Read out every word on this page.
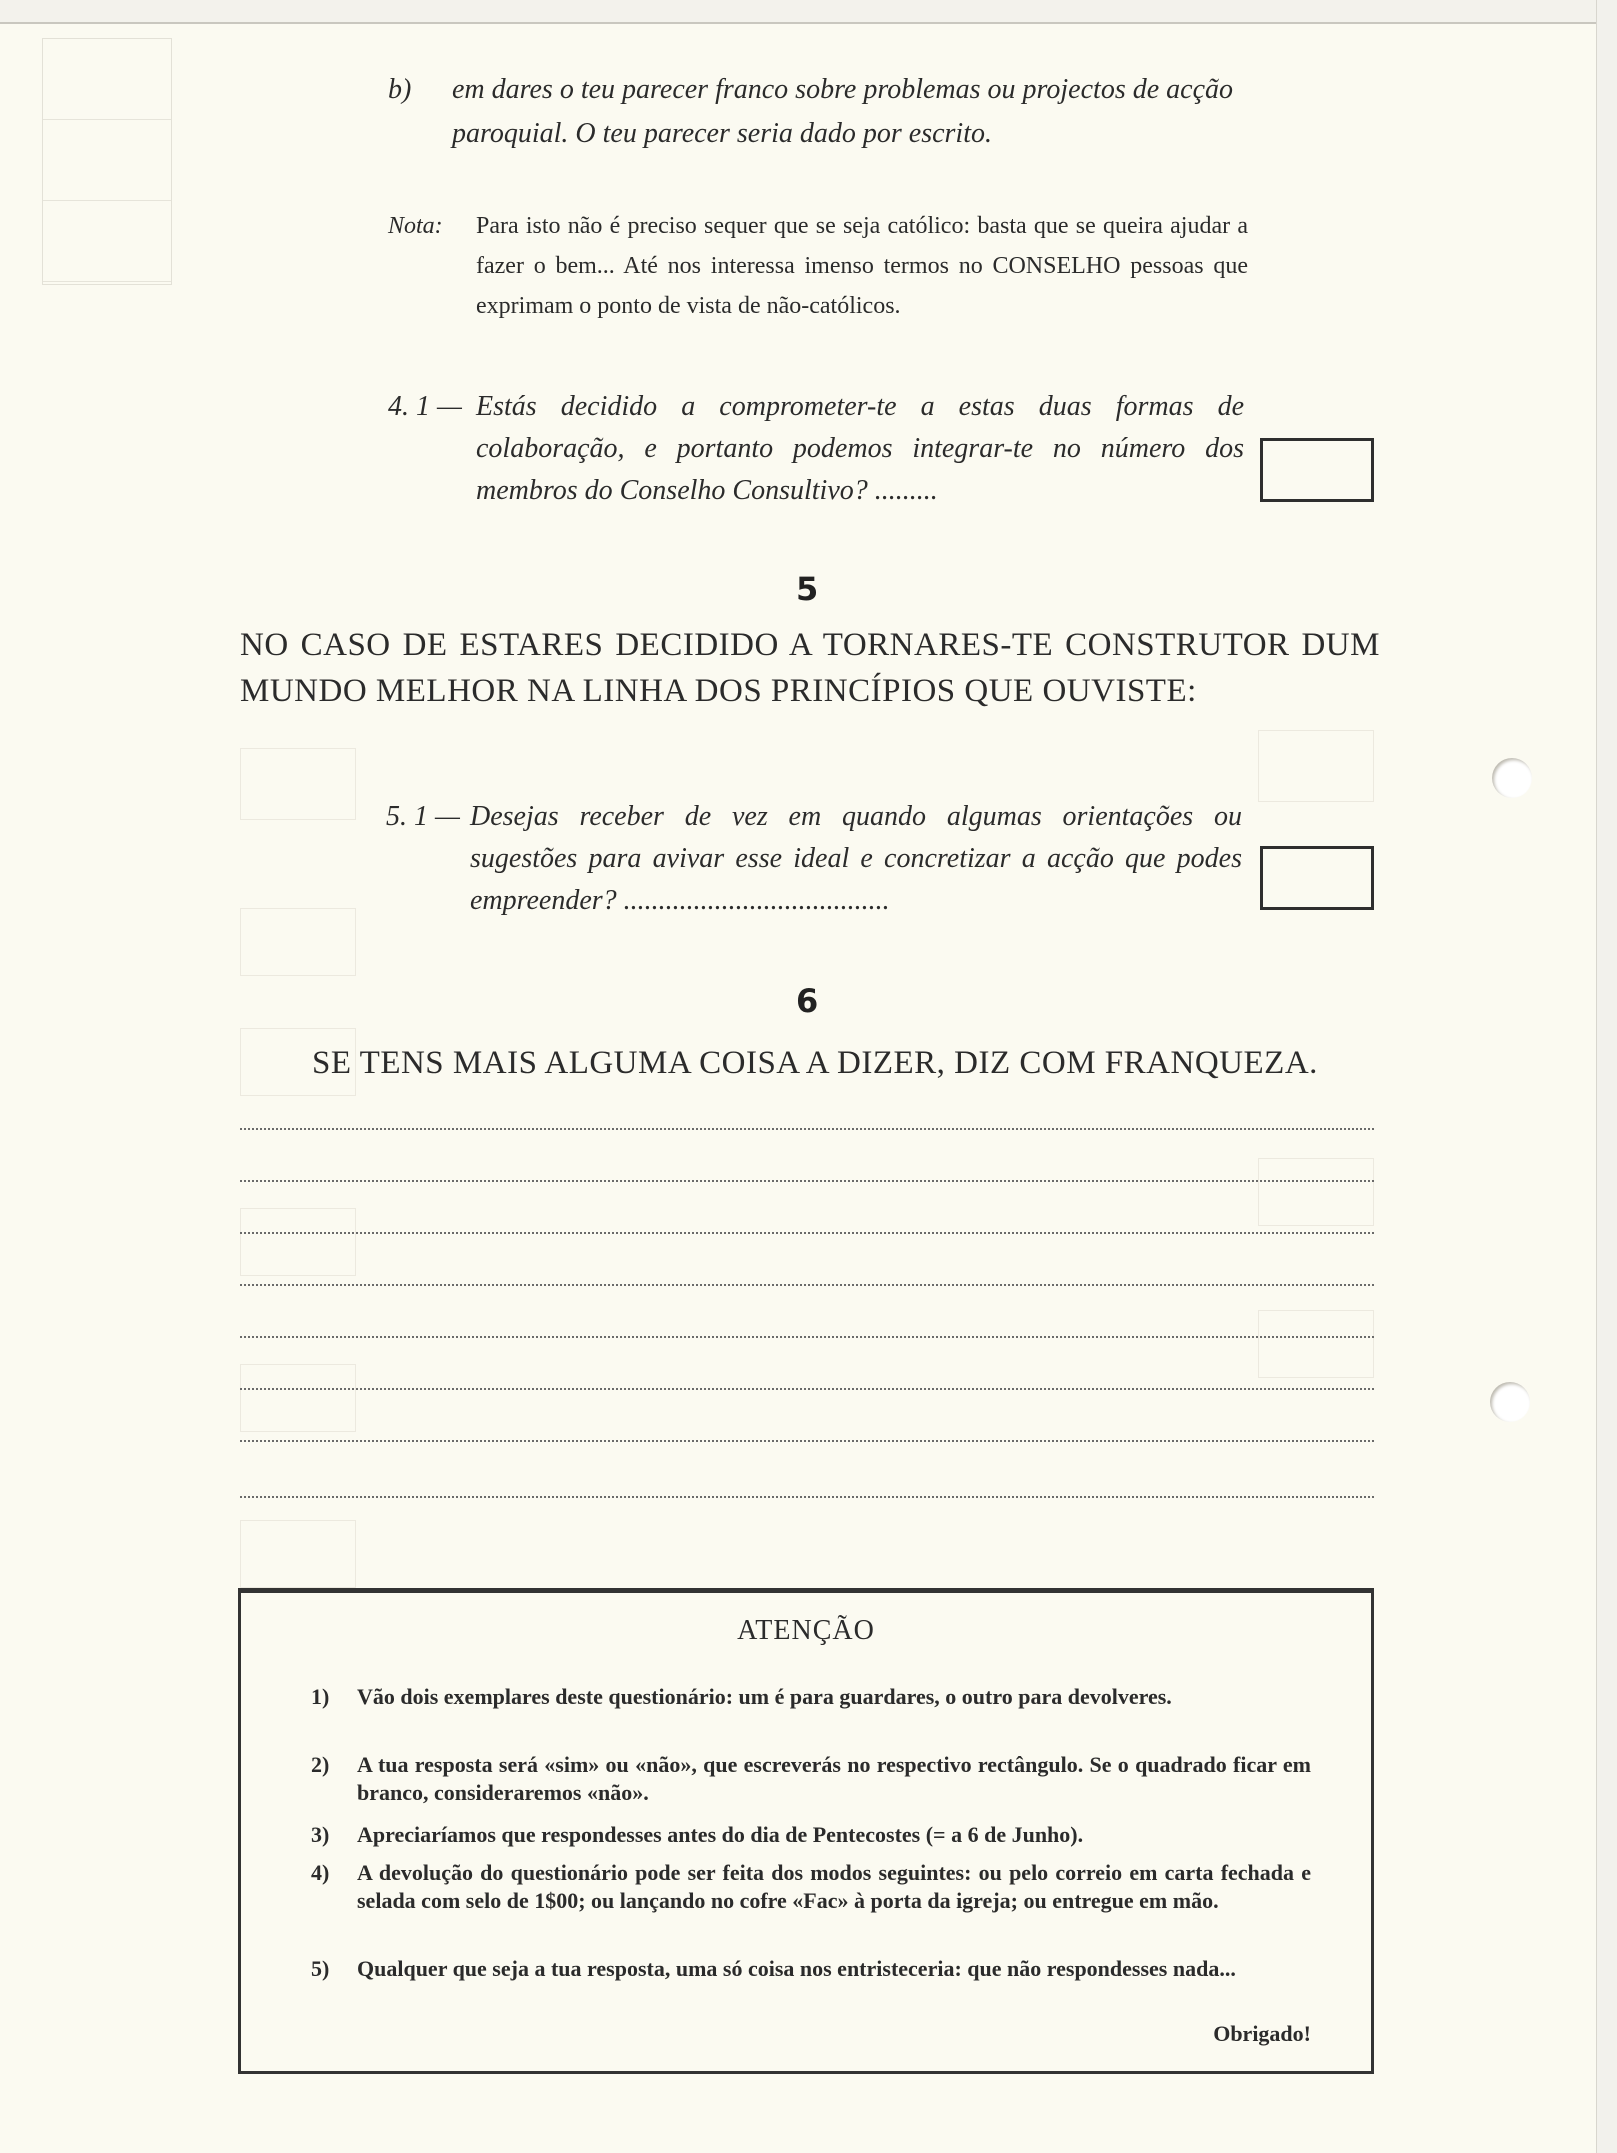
b) em dares o teu parecer franco sobre problemas ou projectos de acção paroquial. O teu parecer seria dado por escrito.
Nota: Para isto não é preciso sequer que se seja católico: basta que se queira ajudar a fazer o bem... Até nos interessa imenso termos no CONSELHO pessoas que exprimam o ponto de vista de não-católicos.
4. 1 — Estás decidido a comprometer-te a estas duas formas de colaboração, e portanto podemos integrar-te no número dos membros do Conselho Consultivo? .........
5
NO CASO DE ESTARES DECIDIDO A TORNARES-TE CONSTRUTOR DUM MUNDO MELHOR NA LINHA DOS PRINCÍPIOS QUE OUVISTE:
5. 1 — Desejas receber de vez em quando algumas orientações ou sugestões para avivar esse ideal e concretizar a acção que podes empreender? ......................................
6
SE TENS MAIS ALGUMA COISA A DIZER, DIZ COM FRANQUEZA.
ATENÇÃO
1) Vão dois exemplares deste questionário: um é para guardares, o outro para devolveres.
2) A tua resposta será «sim» ou «não», que escreverás no respectivo rectângulo. Se o quadrado ficar em branco, consideraremos «não».
3) Apreciaríamos que respondesses antes do dia de Pentecostes (= a 6 de Junho).
4) A devolução do questionário pode ser feita dos modos seguintes: ou pelo correio em carta fechada e selada com selo de 1$00; ou lançando no cofre «Fac» à porta da igreja; ou entregue em mão.
5) Qualquer que seja a tua resposta, uma só coisa nos entristeceria: que não respondesses nada...
Obrigado!
